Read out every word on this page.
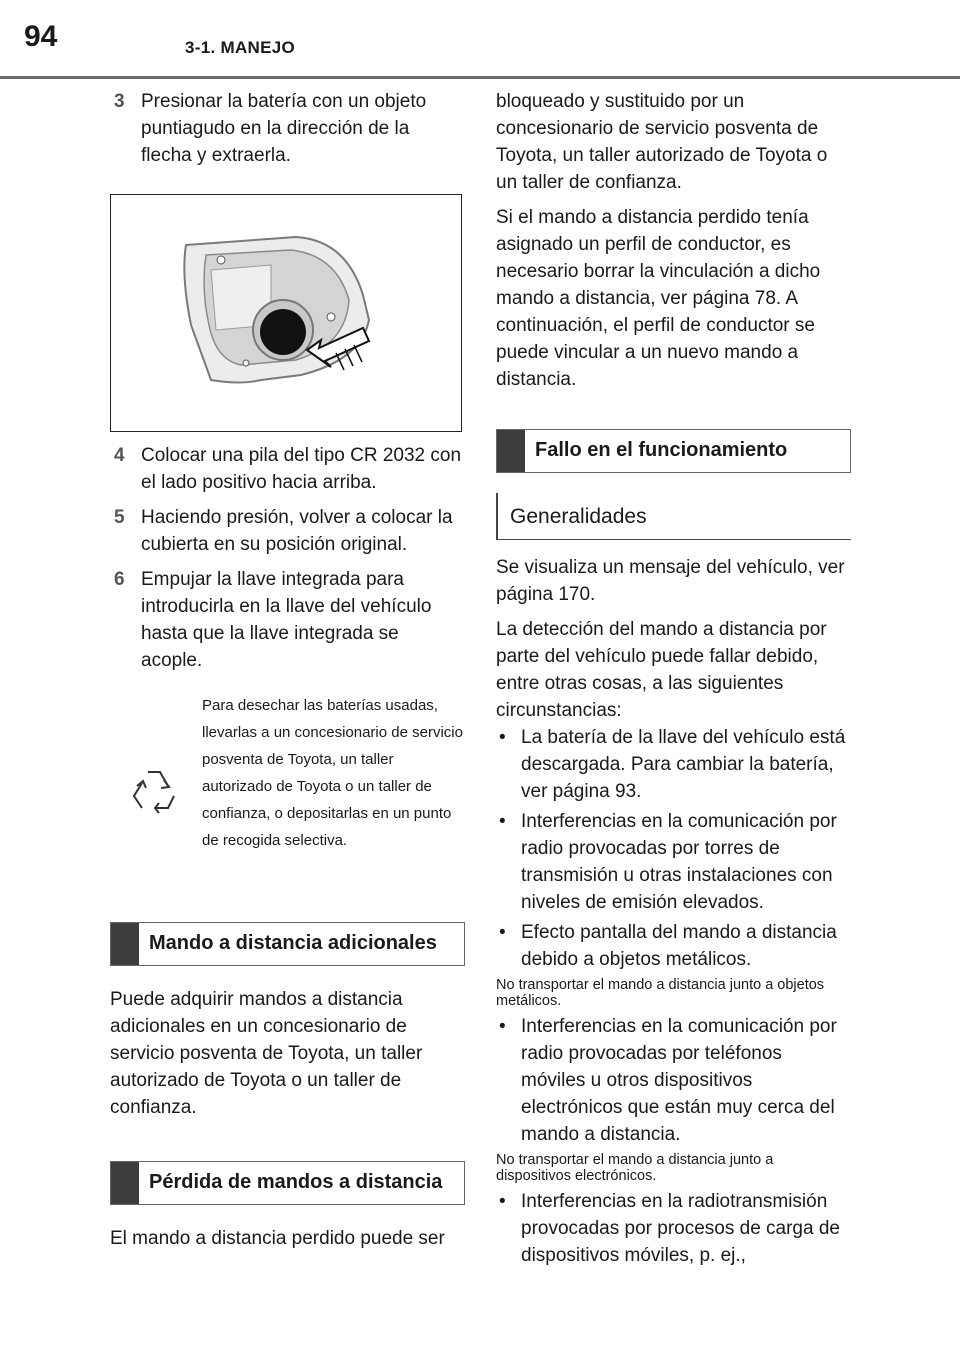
94	3-1. MANEJO
3 Presionar la batería con un objeto puntiagudo en la dirección de la flecha y extraerla.
4 Colocar una pila del tipo CR 2032 con el lado positivo hacia arriba.
5 Haciendo presión, volver a colocar la cubierta en su posición original.
6 Empujar la llave integrada para introducirla en la llave del vehículo hasta que la llave integrada se acople.
Para desechar las baterías usadas, llevarlas a un concesionario de servicio posventa de Toyota, un taller autorizado de Toyota o un taller de confianza, o depositarlas en un punto de recogida selectiva.
Mando a distancia adicionales

Puede adquirir mandos a distancia adicionales en un concesionario de servicio posventa de Toyota, un taller autorizado de Toyota o un taller de confianza.

Pérdida de mandos a distancia

El mando a distancia perdido puede ser

bloqueado y sustituido por un concesionario de servicio posventa de Toyota, un taller autorizado de Toyota o un taller de confianza.

Si el mando a distancia perdido tenía asignado un perfil de conductor, es necesario borrar la vinculación a dicho mando a distancia, ver página 78. A continuación, el perfil de conductor se puede vincular a un nuevo mando a distancia.

Fallo en el funcionamiento
Generalidades

Se visualiza un mensaje del vehículo, ver página 170.

La detección del mando a distancia por parte del vehículo puede fallar debido, entre otras cosas, a las siguientes circunstancias:

• La batería de la llave del vehículo está descargada. Para cambiar la batería, ver página 93.
• Interferencias en la comunicación por radio provocadas por torres de transmisión u otras instalaciones con niveles de emisión elevados.
• Efecto pantalla del mando a distancia debido a objetos metálicos.

No transportar el mando a distancia junto a objetos metálicos.

• Interferencias en la comunicación por radio provocadas por teléfonos móviles u otros dispositivos electrónicos que están muy cerca del mando a distancia.

No transportar el mando a distancia junto a dispositivos electrónicos.

• Interferencias en la radiotransmisión provocadas por procesos de carga de dispositivos móviles, p. ej.,
